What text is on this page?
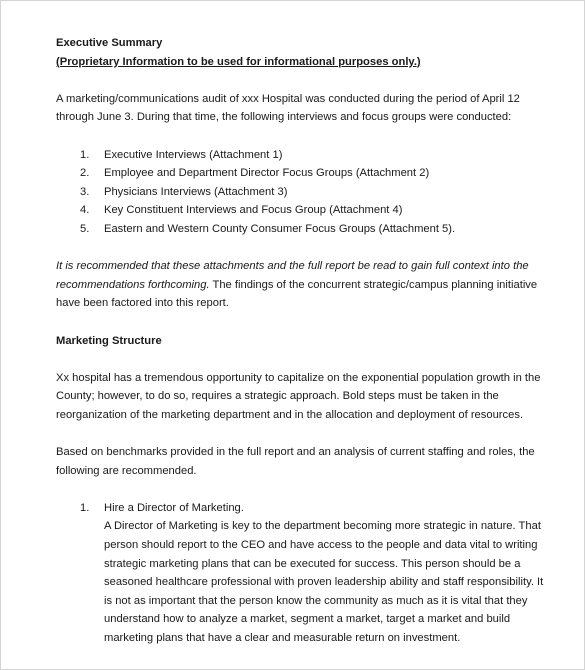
Executive Summary

(Proprietary Information to be used for informational purposes only.)

A marketing/communications audit of xxx Hospital was conducted during the period of April 12 through June 3. During that time, the following interviews and focus groups were conducted:

1.	Executive Interviews (Attachment 1)
2.	Employee and Department Director Focus Groups (Attachment 2)
3.	Physicians Interviews (Attachment 3)
4.	Key Constituent Interviews and Focus Group (Attachment 4)
5.	Eastern and Western County Consumer Focus Groups (Attachment 5).

It is recommended that these attachments and the full report be read to gain full context into the recommendations forthcoming. The findings of the concurrent strategic/campus planning initiative have been factored into this report.

Marketing Structure

Xx hospital has a tremendous opportunity to capitalize on the exponential population growth in the County; however, to do so, requires a strategic approach. Bold steps must be taken in the reorganization of the marketing department and in the allocation and deployment of resources.

Based on benchmarks provided in the full report and an analysis of current staffing and roles, the following are recommended.

1.	Hire a Director of Marketing.

A Director of Marketing is key to the department becoming more strategic in nature. That person should report to the CEO and have access to the people and data vital to writing strategic marketing plans that can be executed for success. This person should be a seasoned healthcare professional with proven leadership ability and staff responsibility. It is not as important that the person know the community as much as it is vital that they understand how to analyze a market, segment a market, target a market and build marketing plans that have a clear and measurable return on investment.
